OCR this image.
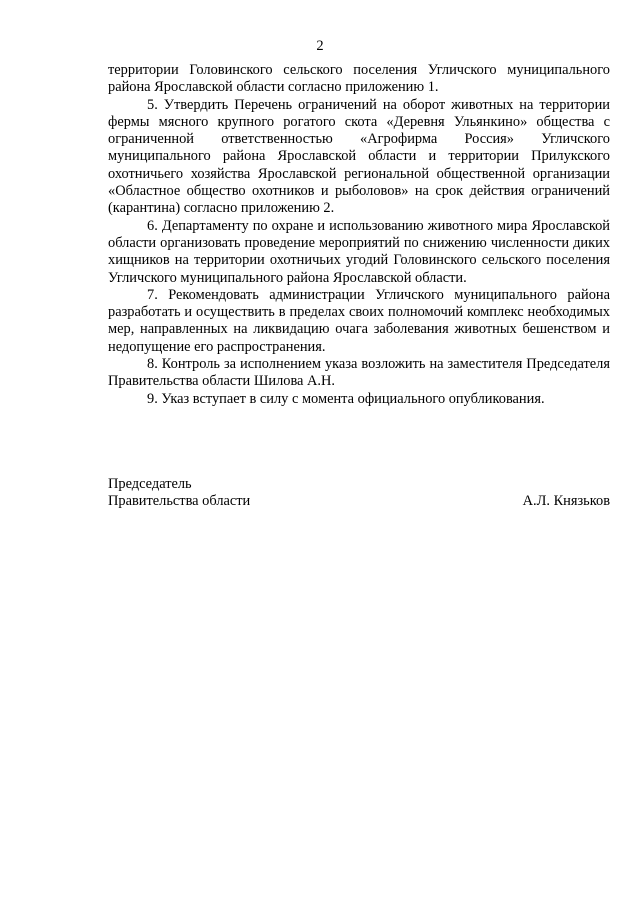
2

территории Головинского сельского поселения Угличского муниципального района Ярославской области согласно приложению 1.

5. Утвердить Перечень ограничений на оборот животных на территории фермы мясного крупного рогатого скота «Деревня Ульянкино» общества с ограниченной ответственностью «Агрофирма Россия» Угличского муниципального района Ярославской области и территории Прилукского охотничьего хозяйства Ярославской региональной общественной организации «Областное общество охотников и рыболовов» на срок действия ограничений (карантина) согласно приложению 2.

6. Департаменту по охране и использованию животного мира Ярославской области организовать проведение мероприятий по снижению численности диких хищников на территории охотничьих угодий Головинского сельского поселения Угличского муниципального района Ярославской области.

7. Рекомендовать администрации Угличского муниципального района разработать и осуществить в пределах своих полномочий комплекс необходимых мер, направленных на ликвидацию очага заболевания животных бешенством и недопущение его распространения.

8. Контроль за исполнением указа возложить на заместителя Председателя Правительства области Шилова А.Н.

9. Указ вступает в силу с момента официального опубликования.

Председатель
Правительства области	А.Л. Князьков
